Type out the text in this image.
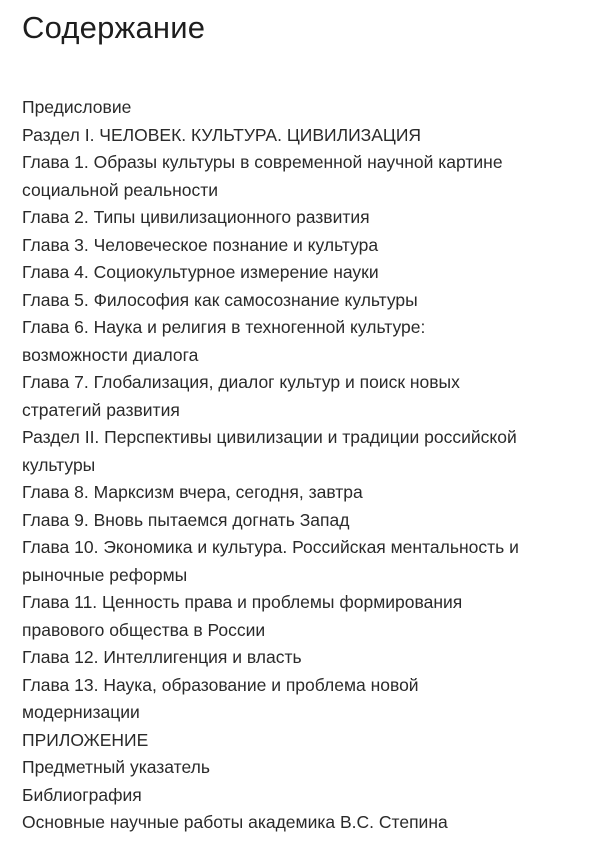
Содержание
Предисловие
Раздел I. ЧЕЛОВЕК. КУЛЬТУРА. ЦИВИЛИЗАЦИЯ
Глава 1. Образы культуры в современной научной картине социальной реальности
Глава 2. Типы цивилизационного развития
Глава 3. Человеческое познание и культура
Глава 4. Социокультурное измерение науки
Глава 5. Философия как самосознание культуры
Глава 6. Наука и религия в техногенной культуре: возможности диалога
Глава 7. Глобализация, диалог культур и поиск новых стратегий развития
Раздел II. Перспективы цивилизации и традиции российской культуры
Глава 8. Марксизм вчера, сегодня, завтра
Глава 9. Вновь пытаемся догнать Запад
Глава 10. Экономика и культура. Российская ментальность и рыночные реформы
Глава 11. Ценность права и проблемы формирования правового общества в России
Глава 12. Интеллигенция и власть
Глава 13. Наука, образование и проблема новой модернизации
ПРИЛОЖЕНИЕ
Предметный указатель
Библиография
Основные научные работы академика В.С. Степина
